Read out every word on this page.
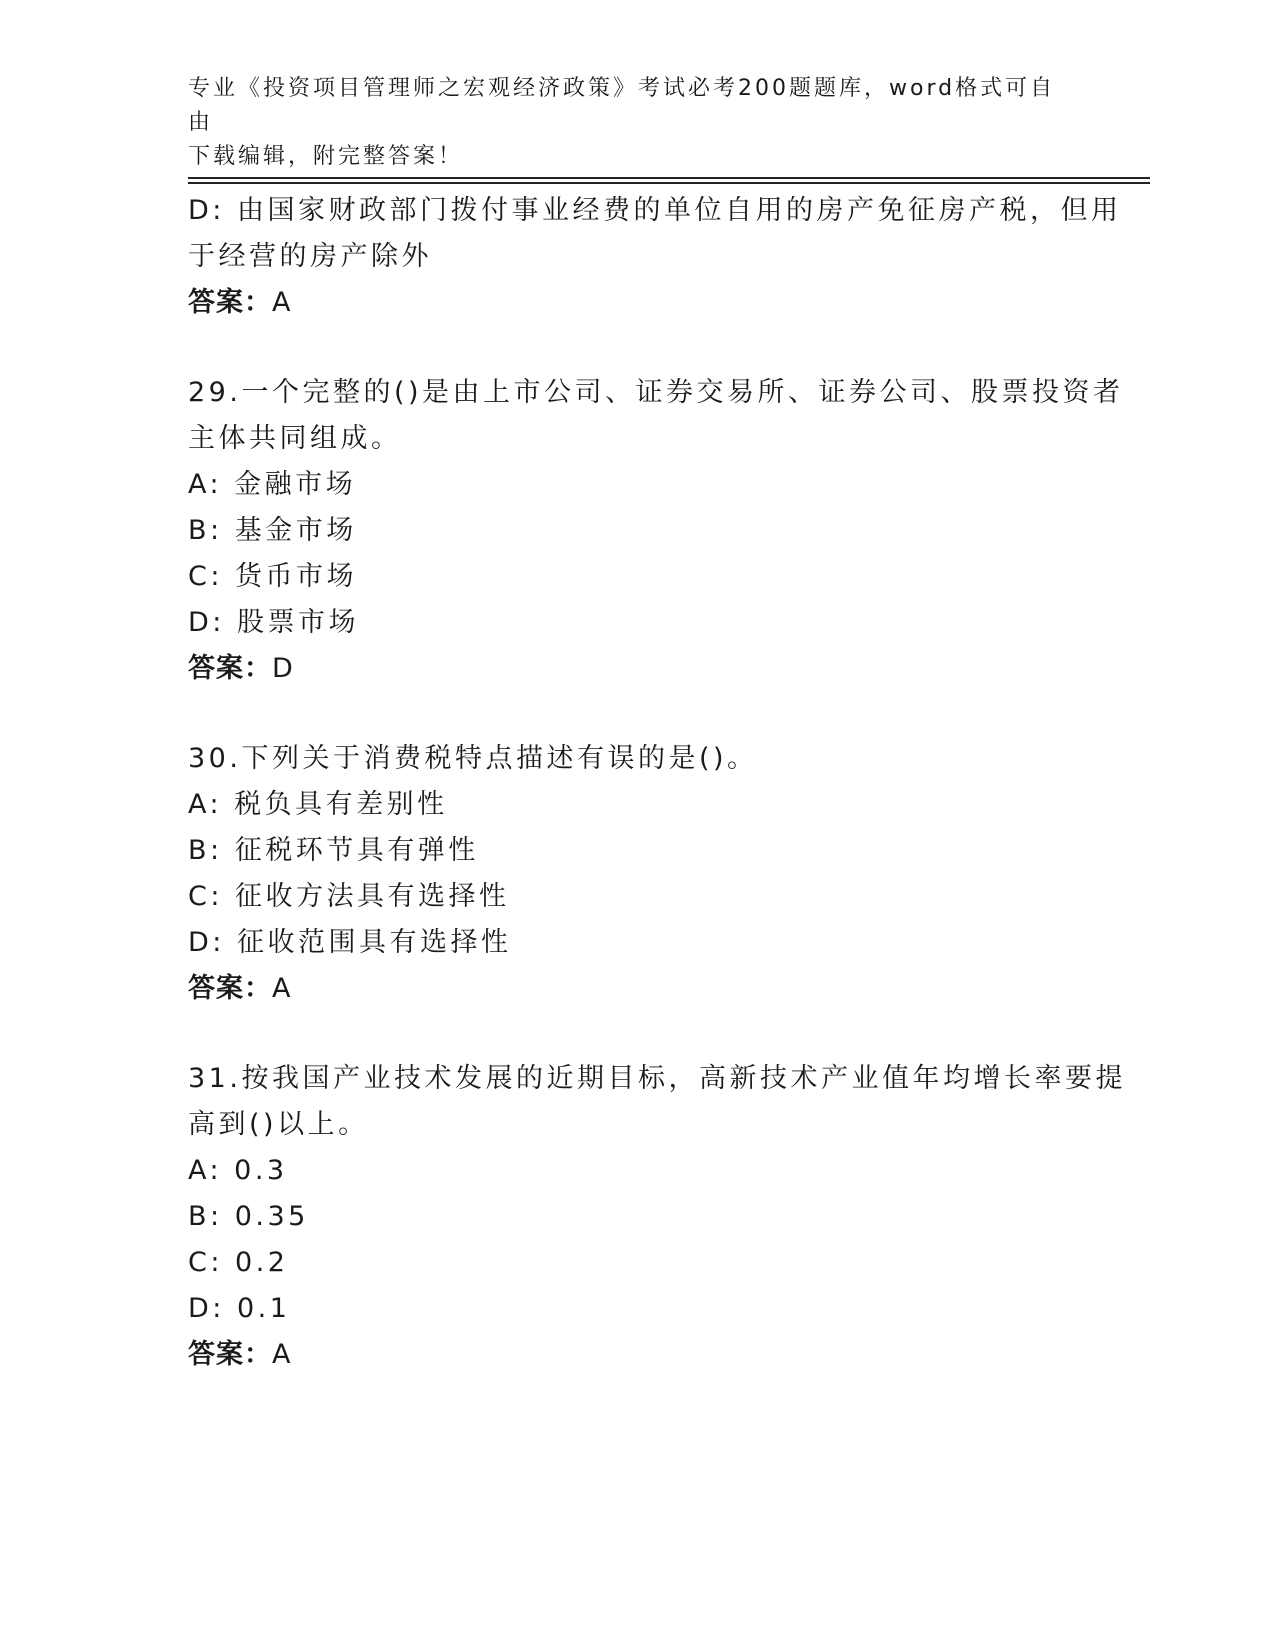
专业《投资项目管理师之宏观经济政策》考试必考200题题库，word格式可自由
下载编辑，附完整答案！

D: 由国家财政部门拨付事业经费的单位自用的房产免征房产税，但用

于经营的房产除外

答案：A

29.一个完整的()是由上市公司、证券交易所、证券公司、股票投资者

主体共同组成。

A: 金融市场

B: 基金市场

C: 货币市场

D: 股票市场

答案：D

30.下列关于消费税特点描述有误的是()。

A: 税负具有差别性

B: 征税环节具有弹性

C: 征收方法具有选择性

D: 征收范围具有选择性

答案：A

31.按我国产业技术发展的近期目标，高新技术产业值年均增长率要提

高到()以上。

A: 0.3

B: 0.35

C: 0.2

D: 0.1

答案：A
